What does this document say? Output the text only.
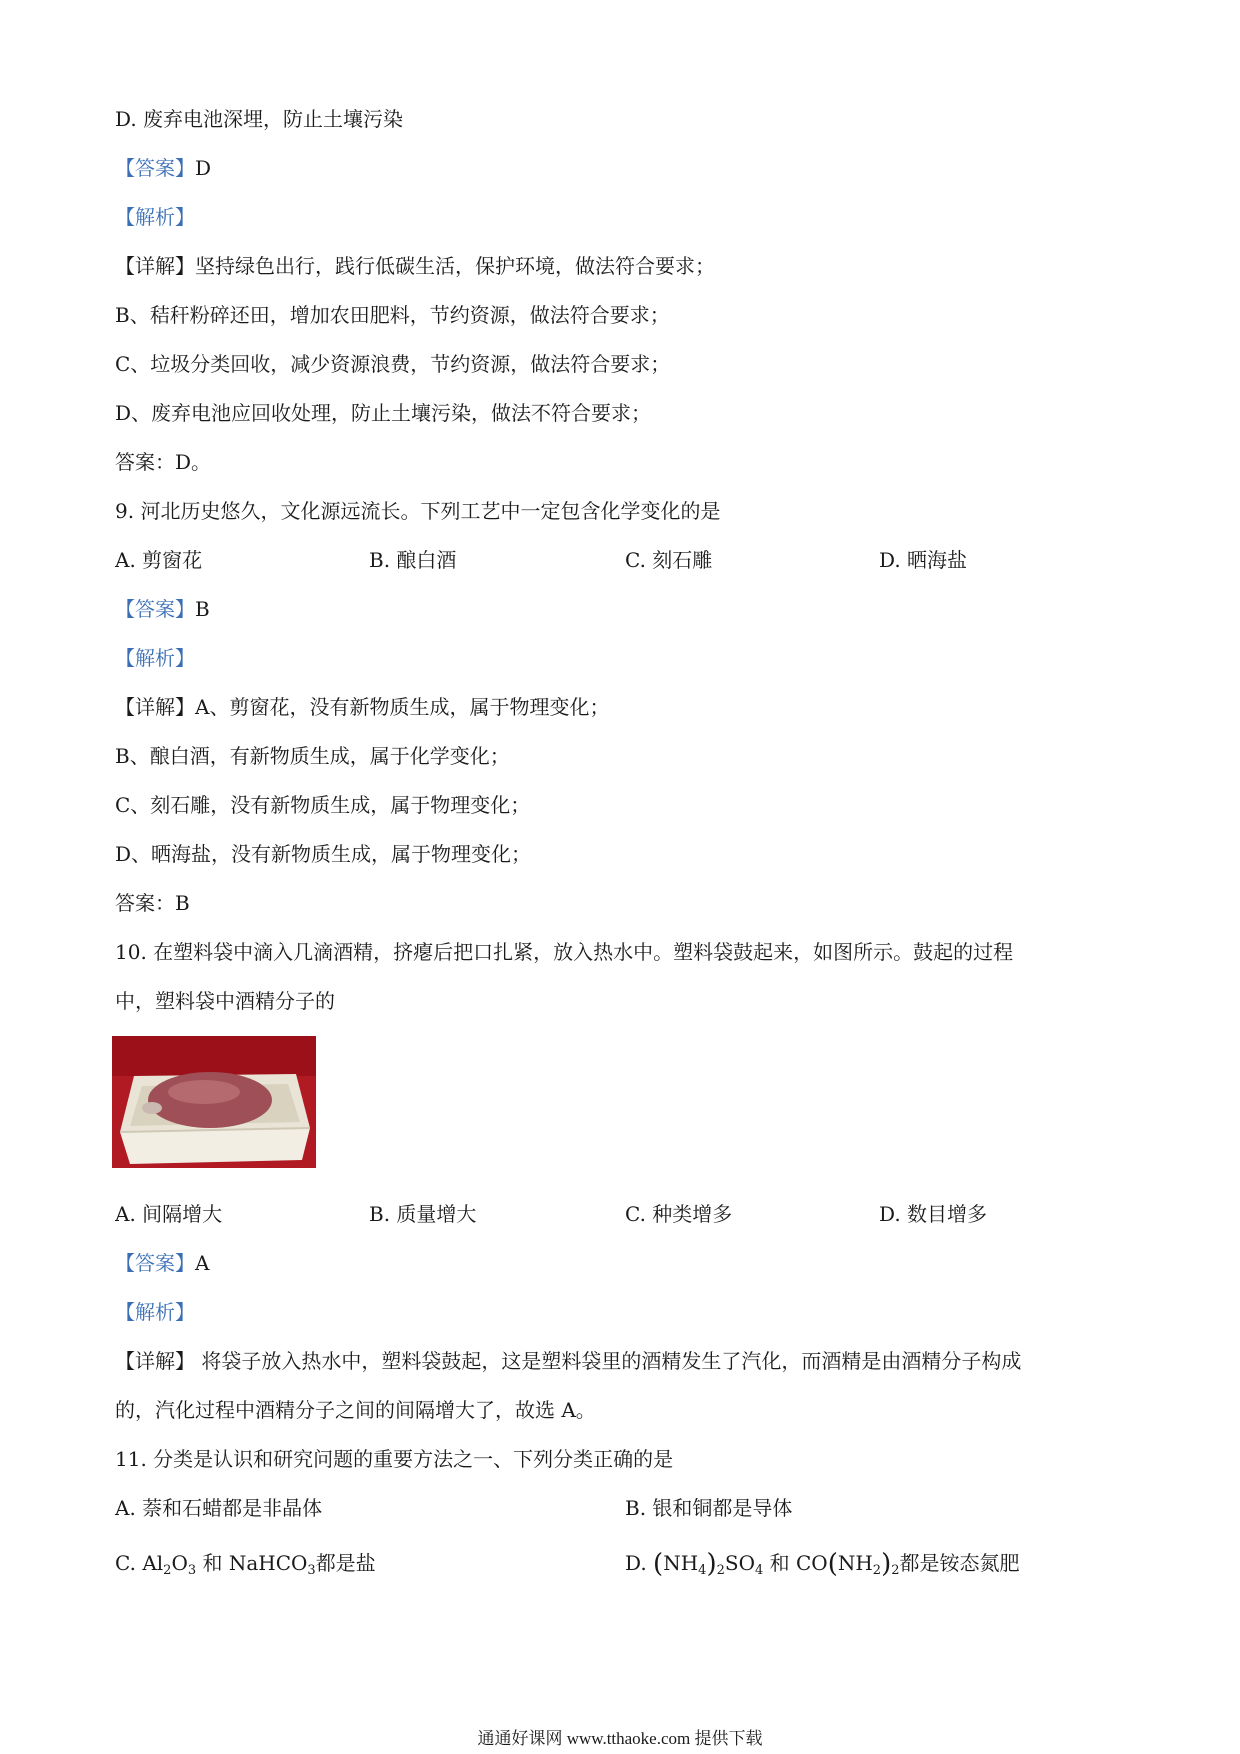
D. 废弃电池深埋，防止土壤污染
【答案】D
【解析】
【详解】坚持绿色出行，践行低碳生活，保护环境，做法符合要求；
B、秸秆粉碎还田，增加农田肥料，节约资源，做法符合要求；
C、垃圾分类回收，减少资源浪费，节约资源，做法符合要求；
D、废弃电池应回收处理，防止土壤污染，做法不符合要求；
答案：D。
9. 河北历史悠久，文化源远流长。下列工艺中一定包含化学变化的是
A. 剪窗花	B. 酿白酒	C. 刻石雕	D. 晒海盐
【答案】B
【解析】
【详解】A、剪窗花，没有新物质生成，属于物理变化；
B、酿白酒，有新物质生成，属于化学变化；
C、刻石雕，没有新物质生成，属于物理变化；
D、晒海盐，没有新物质生成，属于物理变化；
答案：B
10. 在塑料袋中滴入几滴酒精，挤瘪后把口扎紧，放入热水中。塑料袋鼓起来，如图所示。鼓起的过程
中，塑料袋中酒精分子的
A. 间隔增大	B. 质量增大	C. 种类增多	D. 数目增多
【答案】A
【解析】
【详解】 将袋子放入热水中，塑料袋鼓起，这是塑料袋里的酒精发生了汽化，而酒精是由酒精分子构成
的，汽化过程中酒精分子之间的间隔增大了，故选 A。
11. 分类是认识和研究问题的重要方法之一、下列分类正确的是
A. 萘和石蜡都是非晶体	B. 银和铜都是导体
C. $Al_2O_3$ 和 NaHCO$_3$都是盐	D. $(NH_4)_2SO_4$ 和 $CO(NH_2)_2$都是铵态氮肥
通通好课网 www.tthaoke.com 提供下载
